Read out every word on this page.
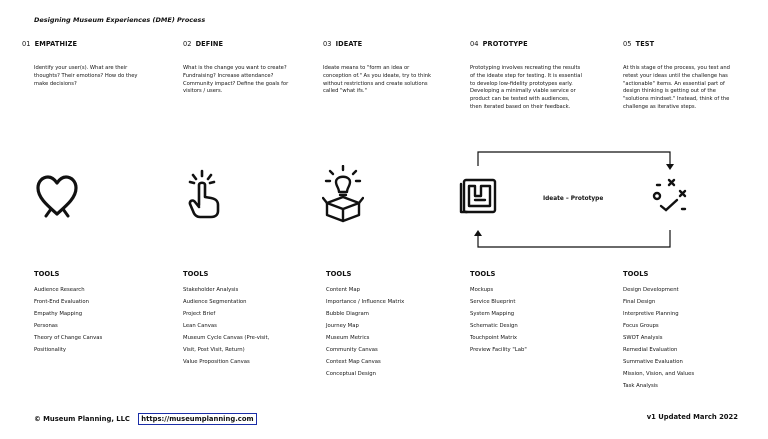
Designing Museum Experiences (DME) Process
01 EMPATHIZE
Identify your user(s). What are their thoughts? Their emotions? How do they make decisions?
02 DEFINE
What is the change you want to create? Fundraising? Increase attendance? Community impact? Define the goals for visitors / users.
03 IDEATE
Ideate means to "form an idea or conception of." As you ideate, try to think without restrictions and create solutions called "what ifs."
04 PROTOTYPE
Prototyping involves recreating the results of the ideate step for testing. It is essential to develop low-fidelity prototypes early. Developing a minimally viable service or product can be tested with audiences, then iterated based on their feedback.
05 TEST
At this stage of the process, you test and retest your ideas until the challenge has "actionable" items. An essential part of design thinking is getting out of the "solutions mindset." Instead, think of the challenge as iterative steps.
Ideate – Prototype
TOOLS
Audience Research
Front-End Evaluation
Empathy Mapping
Personas
Theory of Change Canvas
Positionality
TOOLS
Stakeholder Analysis
Audience Segmentation
Project Brief
Lean Canvas
Museum Cycle Canvas (Pre-visit,
Visit, Post Visit, Return)
Value Proposition Canvas
TOOLS
Content Map
Importance / Influence Matrix
Bubble Diagram
Journey Map
Museum Metrics
Community Canvas
Context Map Canvas
Conceptual Design
TOOLS
Mockups
Service Blueprint
System Mapping
Schematic Design
Touchpoint Matrix
Preview Facility "Lab"
TOOLS
Design Development
Final Design
Interpretive Planning
Focus Groups
SWOT Analysis
Remedial Evaluation
Summative Evaluation
Mission, Vision, and Values
Task Analysis
© Museum Planning, LLC https://museumplanning.com	v1 Updated March 2022
